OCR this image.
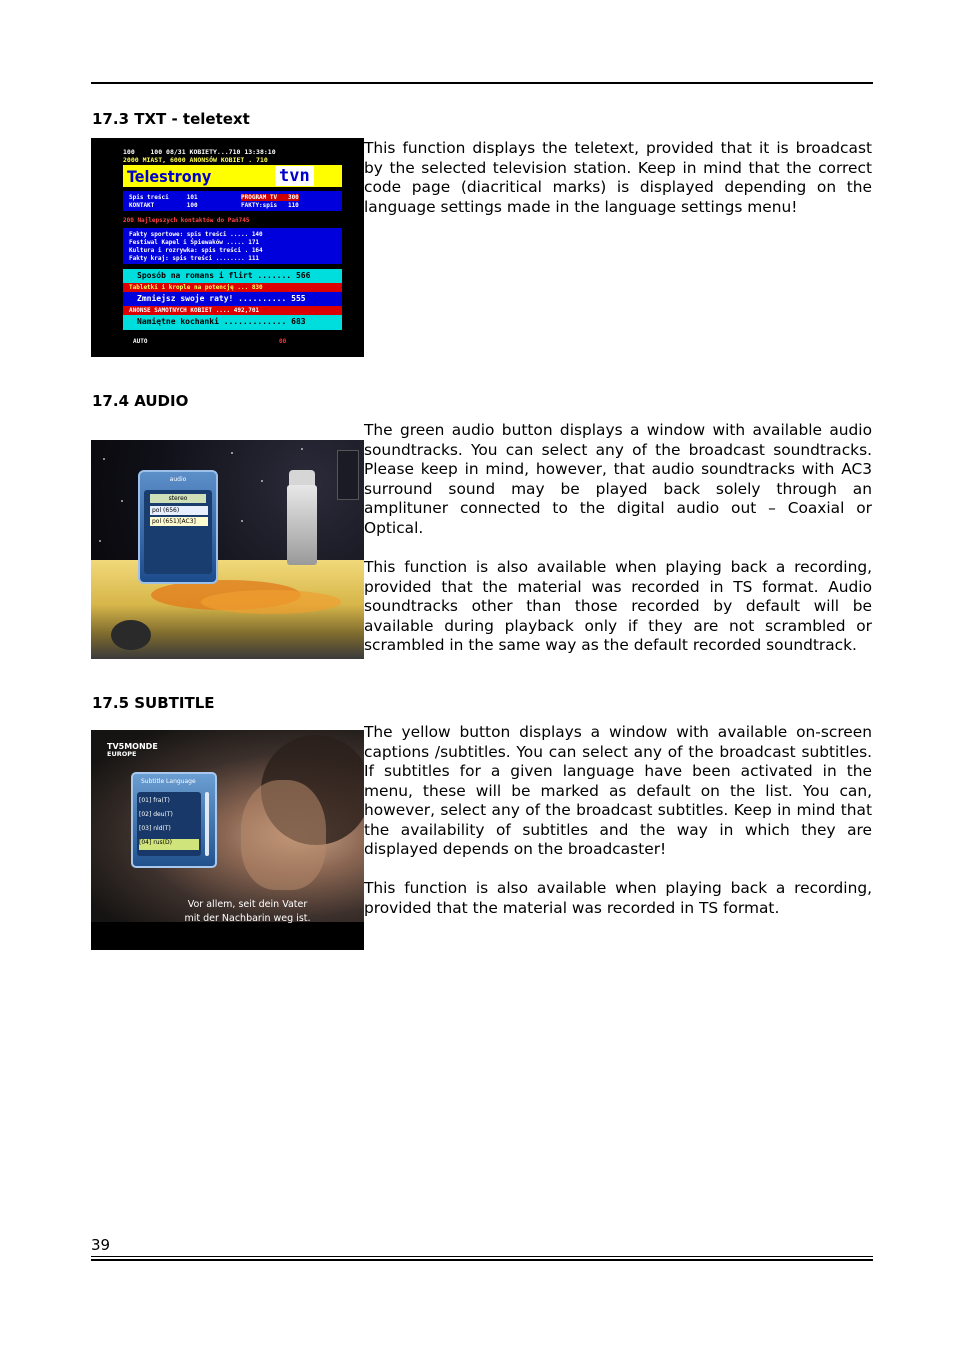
17.3 TXT - teletext
100    100 08/31 KOBIETY...710 13:38:10
2000 MIAST, 6000 ANONSÓW KOBIET . 710
Telestrony	tvn
Spis treści     101	PROGRAM TV   300
KONTAKT         100	FAKTY:spis   110
200 Najlepszych kontaktów do Pań745
Fakty sportowe: spis treści ..... 140
Festiwal Kapel i Śpiewaków ..... 171
Kultura i rozrywka: spis treści . 164
Fakty kraj: spis treści ........ 111
Sposób na romans i flirt ....... 566
Tabletki i krople na potencję ... 830
Zmniejsz swoje raty! .......... 555
ANONSE SAMOTNYCH KOBIET .... 492,701
Namiętne kochanki ............. 683
AUTO	00
This function displays the teletext, provided that it is broadcast by the selected television station. Keep in mind that the correct code page (diacritical marks) is displayed depending on the language settings made in the language settings menu!
17.4 AUDIO
audio
stereo
pol (656)
pol (651)[AC3]
The green audio button displays a window with available audio soundtracks. You can select any of the broadcast soundtracks. Please keep in mind, however, that audio soundtracks with AC3 surround sound may be played back solely through an amplituner connected to the digital audio out – Coaxial or Optical.
This function is also available when playing back a recording, provided that the material was recorded in TS format. Audio soundtracks other than those recorded by default will be available during playback only if they are not scrambled or scrambled in the same way as the default recorded soundtrack.
17.5 SUBTITLE
TV5MONDE
EUROPE
Subtitle Language
[01] fra(T)
[02] deu(T)
[03] nld(T)
[04] rus(D)
Vor allem, seit dein Vater
mit der Nachbarin weg ist.
The yellow button displays a window with available on-screen captions /subtitles. You can select any of the broadcast subtitles. If subtitles for a given language have been activated in the menu, these will be marked as default on the list. You can, however, select any of the broadcast subtitles. Keep in mind that the availability of subtitles and the way in which they are displayed depends on the broadcaster!
This function is also available when playing back a recording, provided that the material was recorded in TS format.
39
